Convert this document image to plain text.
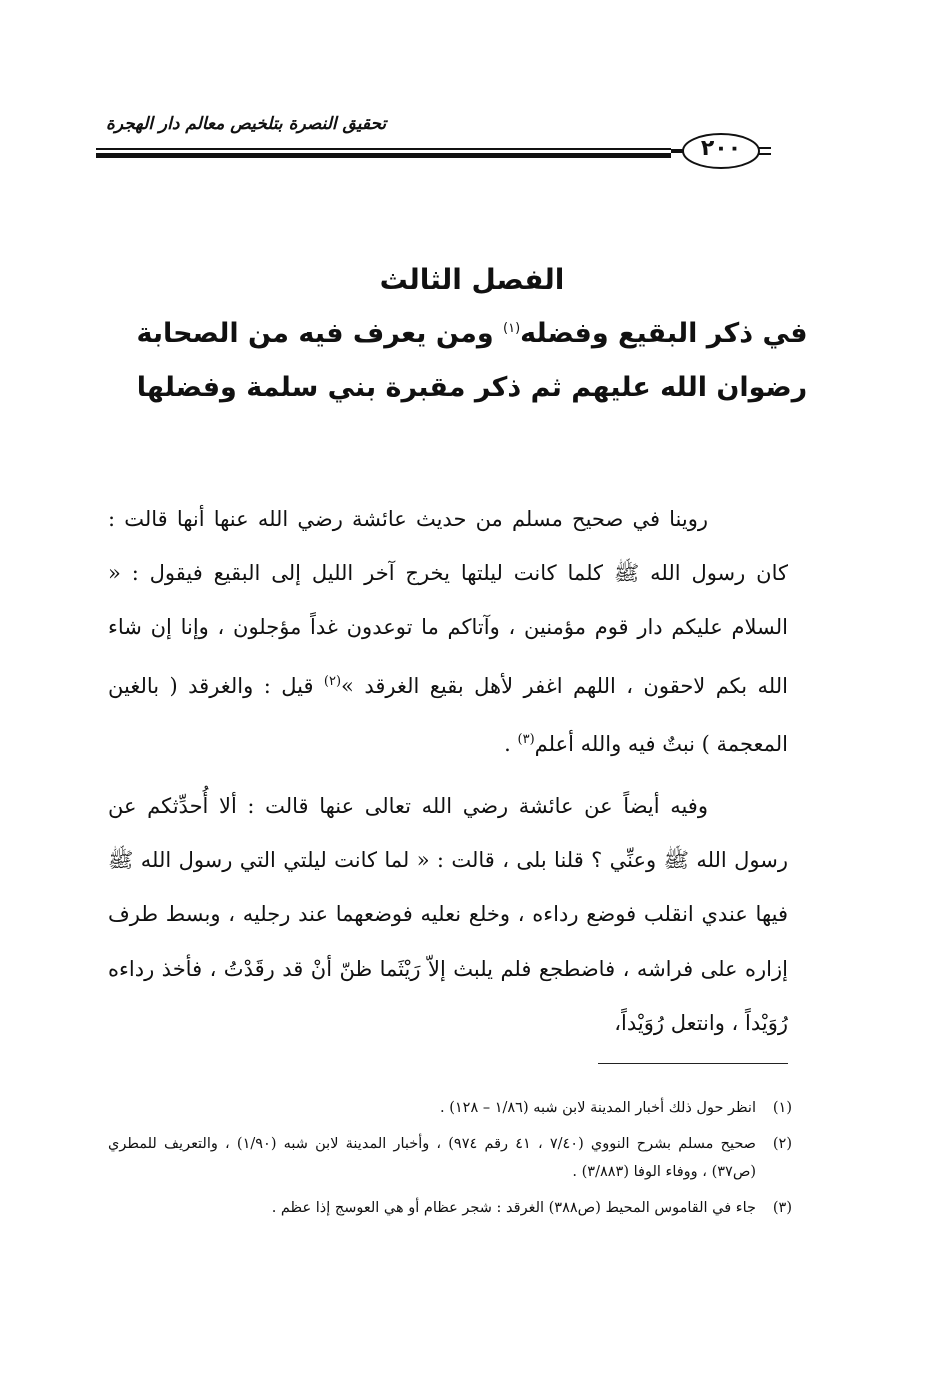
تحقيق النصرة بتلخيص معالم دار الهجرة
٢٠٠
الفصل الثالث
في ذكر البقيع وفضله$^{(١)}$ ومن يعرف فيه من الصحابة
رضوان الله عليهم ثم ذكر مقبرة بني سلمة وفضلها

روينا في صحيح مسلم من حديث عائشة رضي الله عنها أنها قالت : كان رسول الله ﷺ كلما كانت ليلتها يخرج آخر الليل إلى البقيع فيقول : « السلام عليكم دار قوم مؤمنين ، وآتاكم ما توعدون غداً مؤجلون ، وإنا إن شاء الله بكم لاحقون ، اللهم اغفر لأهل بقيع الغرقد »$^{(٢)}$ قيل : والغرقد ( بالغين المعجمة ) نبتٌ فيه والله أعلم$^{(٣)}$ .

وفيه أيضاً عن عائشة رضي الله تعالى عنها قالت : ألا أُحدِّثكم عن رسول الله ﷺ وعنِّي ؟ قلنا بلى ، قالت : « لما كانت ليلتي التي رسول الله ﷺ فيها عندي انقلب فوضع رداءه ، وخلع نعليه فوضعهما عند رجليه ، وبسط طرف إزاره على فراشه ، فاضطجع فلم يلبث إلاّ رَيْثَما ظنّ أنْ قد رقَدْتُ ، فأخذ رداءه رُوَيْداً ، وانتعل رُوَيْداً،

(١)
انظر حول ذلك أخبار المدينة لابن شبه (١/٨٦ – ١٢٨) .
(٢)
صحيح مسلم بشرح النووي (٧/٤٠ ، ٤١ رقم ٩٧٤) ، وأخبار المدينة لابن شبه (١/٩٠) ، والتعريف للمطري (ص٣٧) ، ووفاء الوفا (٣/٨٨٣) .
(٣)
جاء في القاموس المحيط (ص٣٨٨) الغرقد : شجر عظام أو هي العوسج إذا عظم .
